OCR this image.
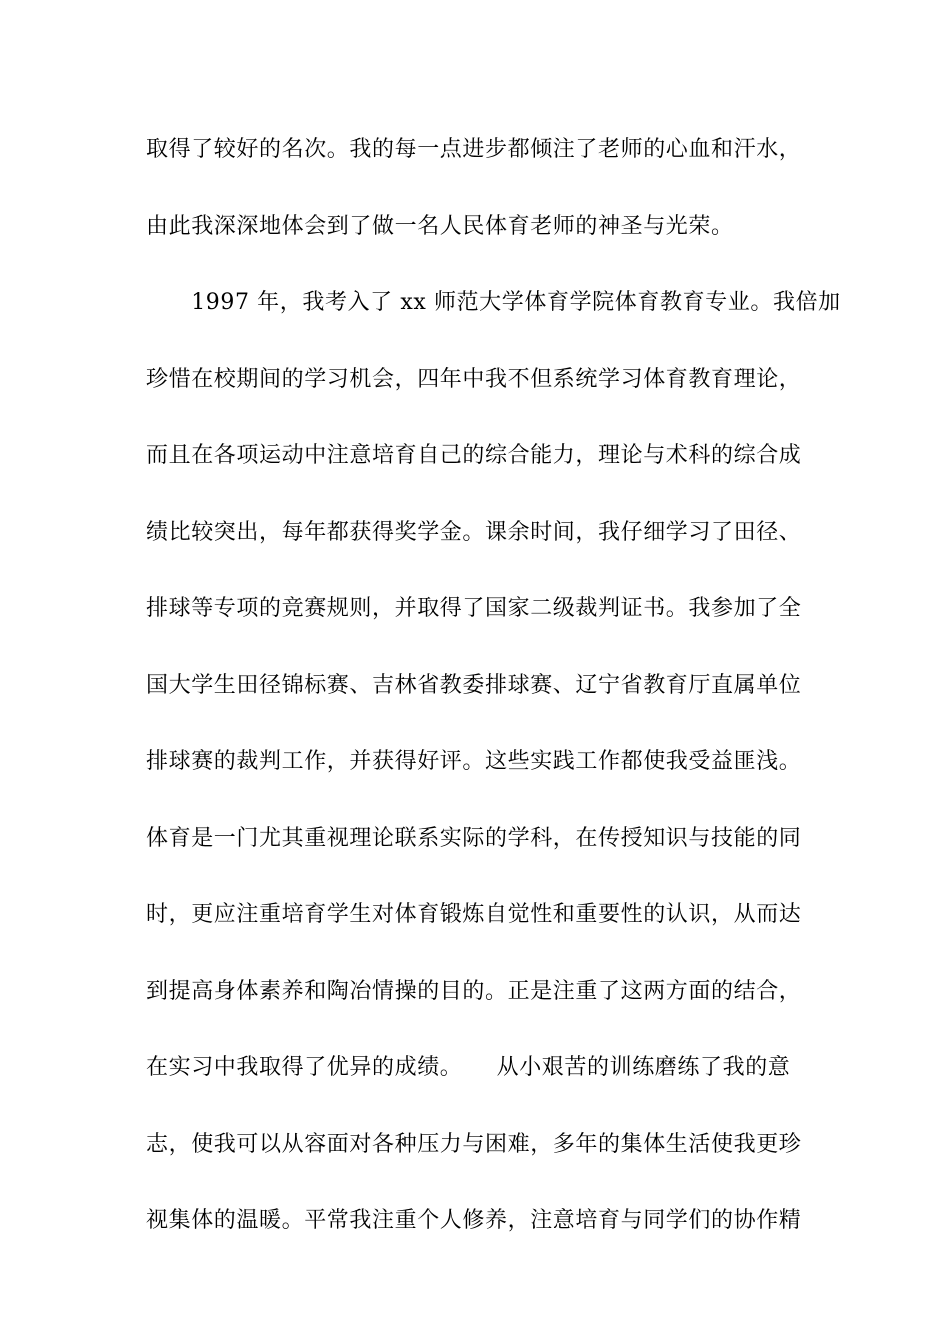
取得了较好的名次。我的每一点进步都倾注了老师的心血和汗水，
由此我深深地体会到了做一名人民体育老师的神圣与光荣。
　　1997 年，我考入了 xx 师范大学体育学院体育教育专业。我倍加
珍惜在校期间的学习机会，四年中我不但系统学习体育教育理论，
而且在各项运动中注意培育自己的综合能力，理论与术科的综合成
绩比较突出，每年都获得奖学金。课余时间，我仔细学习了田径、
排球等专项的竞赛规则，并取得了国家二级裁判证书。我参加了全
国大学生田径锦标赛、吉林省教委排球赛、辽宁省教育厅直属单位
排球赛的裁判工作，并获得好评。这些实践工作都使我受益匪浅。
体育是一门尤其重视理论联系实际的学科，在传授知识与技能的同
时，更应注重培育学生对体育锻炼自觉性和重要性的认识，从而达
到提高身体素养和陶冶情操的目的。正是注重了这两方面的结合，
在实习中我取得了优异的成绩。　　从小艰苦的训练磨练了我的意
志，使我可以从容面对各种压力与困难，多年的集体生活使我更珍
视集体的温暖。平常我注重个人修养，注意培育与同学们的协作精
